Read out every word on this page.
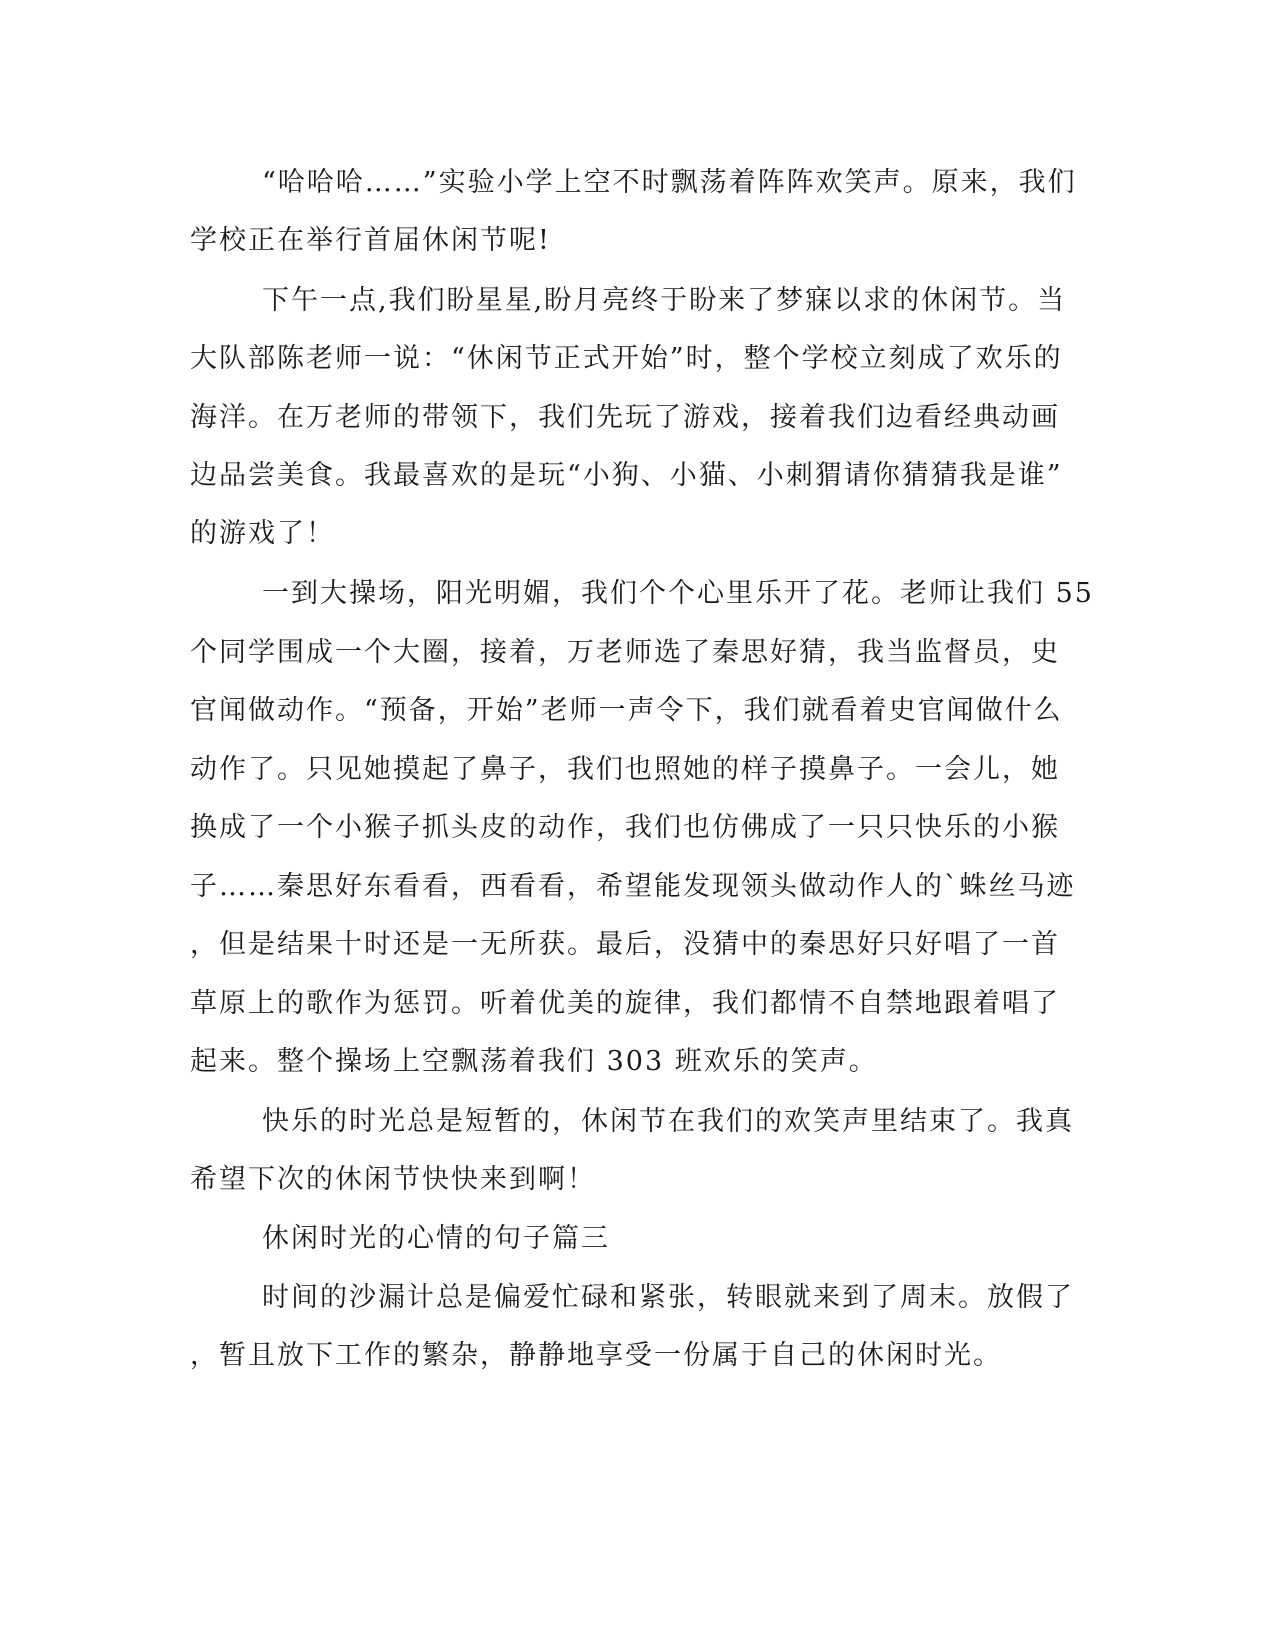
“哈哈哈……”实验小学上空不时飘荡着阵阵欢笑声。原来，我们
学校正在举行首届休闲节呢!
下午一点,我们盼星星,盼月亮终于盼来了梦寐以求的休闲节。当
大队部陈老师一说：“休闲节正式开始”时，整个学校立刻成了欢乐的
海洋。在万老师的带领下，我们先玩了游戏，接着我们边看经典动画
边品尝美食。我最喜欢的是玩“小狗、小猫、小刺猬请你猜猜我是谁”
的游戏了！
一到大操场，阳光明媚，我们个个心里乐开了花。老师让我们 55
个同学围成一个大圈，接着，万老师选了秦思好猜，我当监督员，史
官闻做动作。“预备，开始”老师一声令下，我们就看着史官闻做什么
动作了。只见她摸起了鼻子，我们也照她的样子摸鼻子。一会儿，她
换成了一个小猴子抓头皮的动作，我们也仿佛成了一只只快乐的小猴
子……秦思好东看看，西看看，希望能发现领头做动作人的`蛛丝马迹
，但是结果十时还是一无所获。最后，没猜中的秦思好只好唱了一首
草原上的歌作为惩罚。听着优美的旋律，我们都情不自禁地跟着唱了
起来。整个操场上空飘荡着我们 303 班欢乐的笑声。
快乐的时光总是短暂的，休闲节在我们的欢笑声里结束了。我真
希望下次的休闲节快快来到啊！
休闲时光的心情的句子篇三
时间的沙漏计总是偏爱忙碌和紧张，转眼就来到了周末。放假了
，暂且放下工作的繁杂，静静地享受一份属于自己的休闲时光。
